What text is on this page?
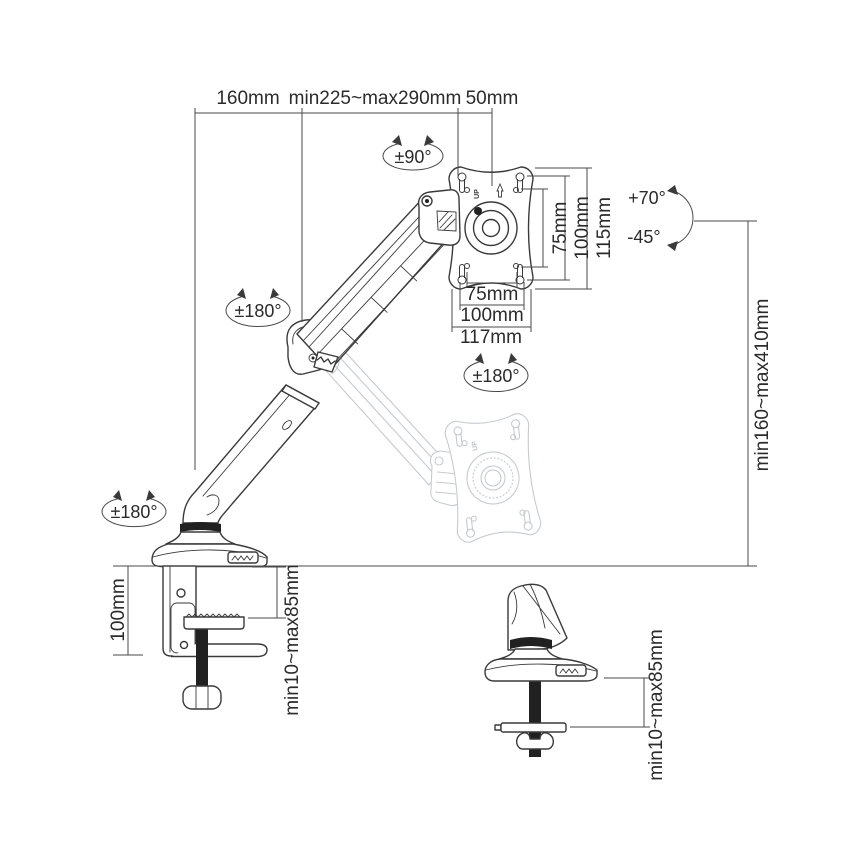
UP
UP
160mm min225~max290mm 50mm
75mm 100mm 115mm
75mm
100mm
117mm	min160~max410mm
100mm	min10~max85mm	min10~max85mm
±90°
±180°
±180°
±180°
+70°
-45°
